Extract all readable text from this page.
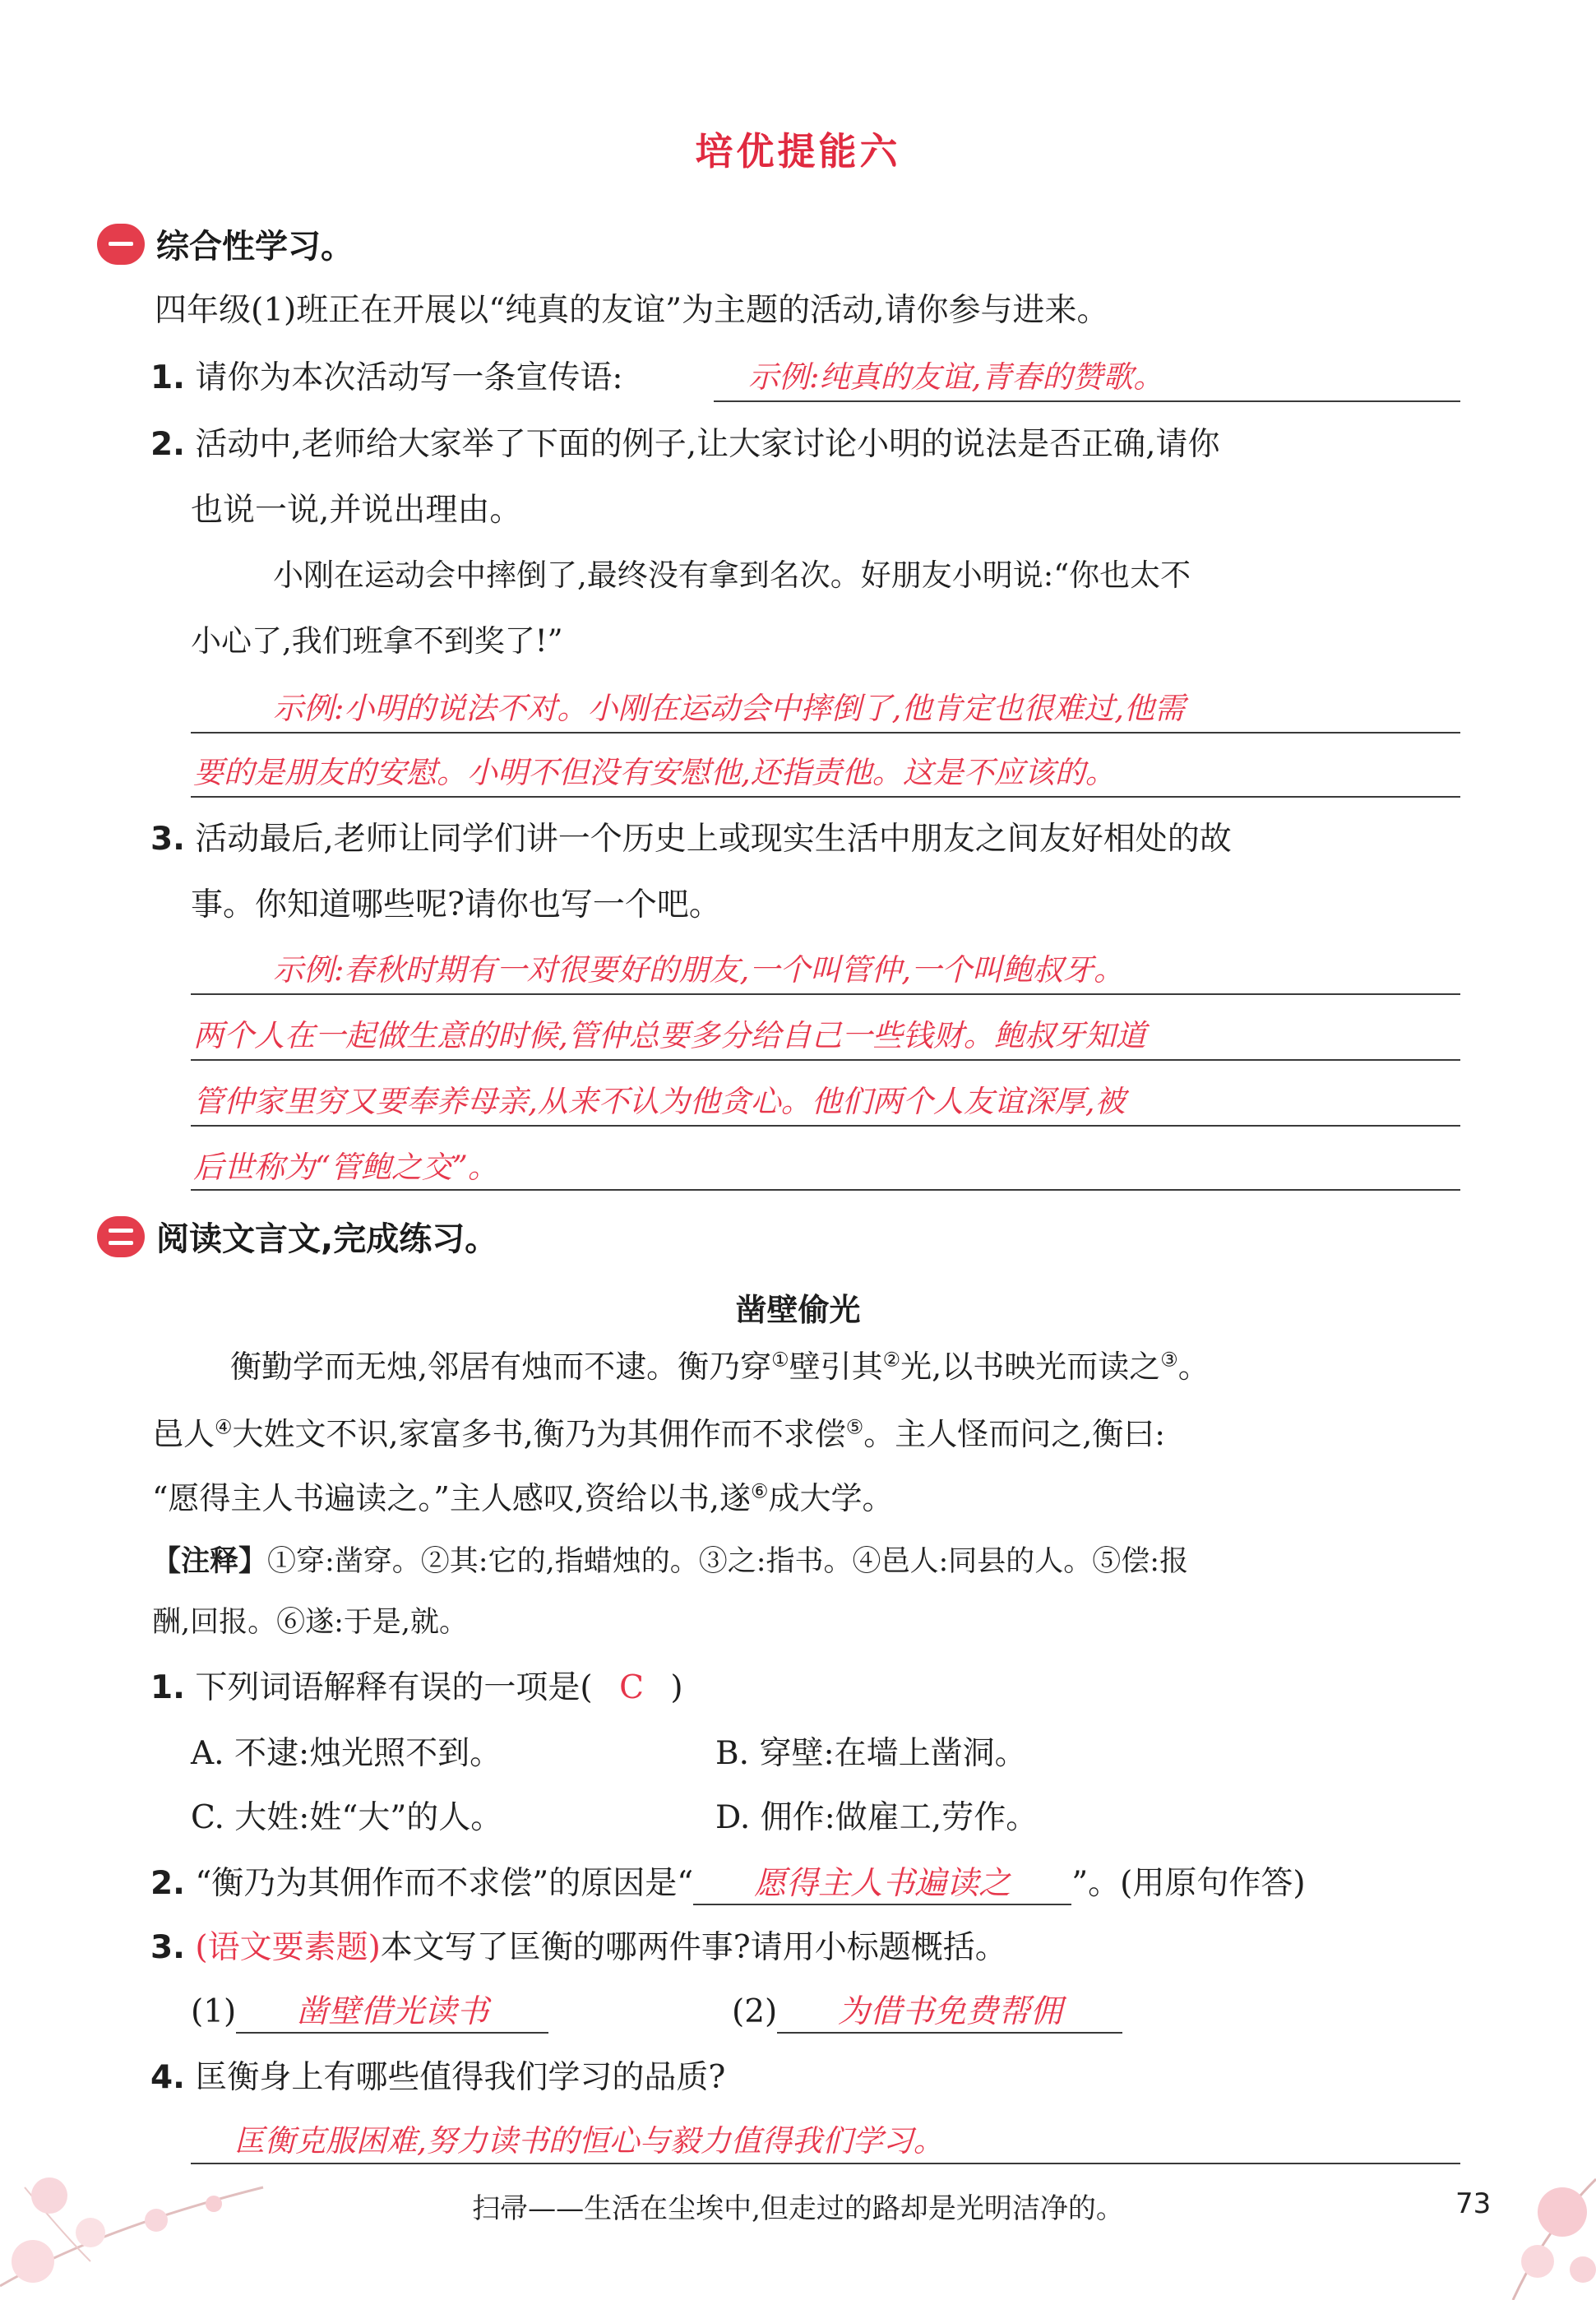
培优提能六
综合性学习。
四年级(1)班正在开展以“纯真的友谊”为主题的活动,请你参与进来。
1. 请你为本次活动写一条宣传语:	示例:纯真的友谊,青春的赞歌。
2. 活动中,老师给大家举了下面的例子,让大家讨论小明的说法是否正确,请你
也说一说,并说出理由。
小刚在运动会中摔倒了,最终没有拿到名次。好朋友小明说:“你也太不
小心了,我们班拿不到奖了!”
示例:小明的说法不对。小刚在运动会中摔倒了,他肯定也很难过,他需
要的是朋友的安慰。小明不但没有安慰他,还指责他。这是不应该的。
3. 活动最后,老师让同学们讲一个历史上或现实生活中朋友之间友好相处的故
事。你知道哪些呢?请你也写一个吧。
示例:春秋时期有一对很要好的朋友,一个叫管仲,一个叫鲍叔牙。
两个人在一起做生意的时候,管仲总要多分给自己一些钱财。鲍叔牙知道
管仲家里穷又要奉养母亲,从来不认为他贪心。他们两个人友谊深厚,被
后世称为“管鲍之交”。
阅读文言文,完成练习。
凿壁偷光
衡勤学而无烛,邻居有烛而不逮。衡乃穿①壁引其②光,以书映光而读之③。
邑人④大姓文不识,家富多书,衡乃为其佣作而不求偿⑤。主人怪而问之,衡曰:
“愿得主人书遍读之。”主人感叹,资给以书,遂⑥成大学。
【注释】①穿:凿穿。②其:它的,指蜡烛的。③之:指书。④邑人:同县的人。⑤偿:报
酬,回报。⑥遂:于是,就。
1. 下列词语解释有误的一项是( C )
A. 不逮:烛光照不到。	B. 穿壁:在墙上凿洞。
C. 大姓:姓“大”的人。	D. 佣作:做雇工,劳作。
2. “衡乃为其佣作而不求偿”的原因是“ 愿得主人书遍读之 ”。(用原句作答)
3. (语文要素题)本文写了匡衡的哪两件事?请用小标题概括。
(1) 凿壁借光读书	(2) 为借书免费帮佣
4. 匡衡身上有哪些值得我们学习的品质?
匡衡克服困难,努力读书的恒心与毅力值得我们学习。
扫帚——生活在尘埃中,但走过的路却是光明洁净的。	73
